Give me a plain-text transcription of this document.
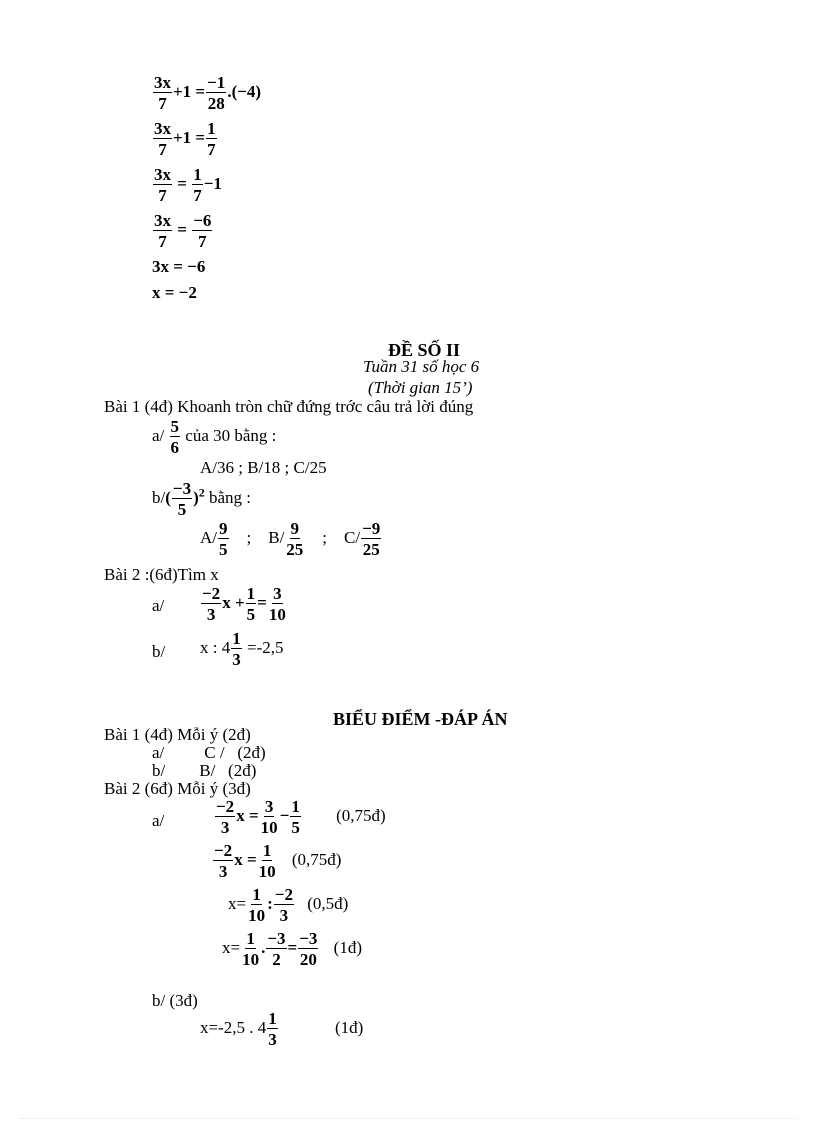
$\frac{3x}{7} +1 = \frac{-1}{28} .(-4)$
$\frac{3x}{7} +1 = \frac{1}{7}$
$\frac{3x}{7} = \frac{1}{7} -1$
$\frac{3x}{7} = \frac{-6}{7}$
3x = −6
x = −2
ĐỀ SỐ II
Tuần 31 số học 6
(Thời gian 15’)
Bài 1 (4đ) Khoanh tròn chữ đứng trớc câu trả lời đúng
$a/ \frac{5}{6}$ của 30 bằng :
A/36 ; B/18 ; C/25
$b/( \frac{-3}{5} )^2$ bằng :
$A/ \frac{9}{5}$ ; $B/ \frac{9}{25}$ ; $C/ \frac{-9}{25}$
Bài 2 :(6đ)Tìm x
$a/ \frac{-2}{3}$ $x + \frac{1}{5} = \frac{3}{10}$
b/ x : $4 \frac{1}{3} =-2,5$
BIỂU ĐIỂM -ĐÁP ÁN
Bài 1 (4đ) Mỗi ý (2đ)
a/ C / (2đ)
b/ B/ (2đ)
Bài 2 (6đ) Mỗi ý (3đ)
a/	$\frac{-2}{3}$ $x = \frac{3}{10} - \frac{1}{5}$ (0,75đ)
$\frac{-2}{3}$ $x = \frac{1}{10}$ (0,75đ)
$x= \frac{1}{10}$ : $\frac{-2}{3}$ (0,5đ)
$x= \frac{1}{10}$ . $\frac{-3}{2} = \frac{-3}{20}$ (1đ)
b/ (3đ)
x=-2,5 . $4 \frac{1}{3}$	(1đ)
